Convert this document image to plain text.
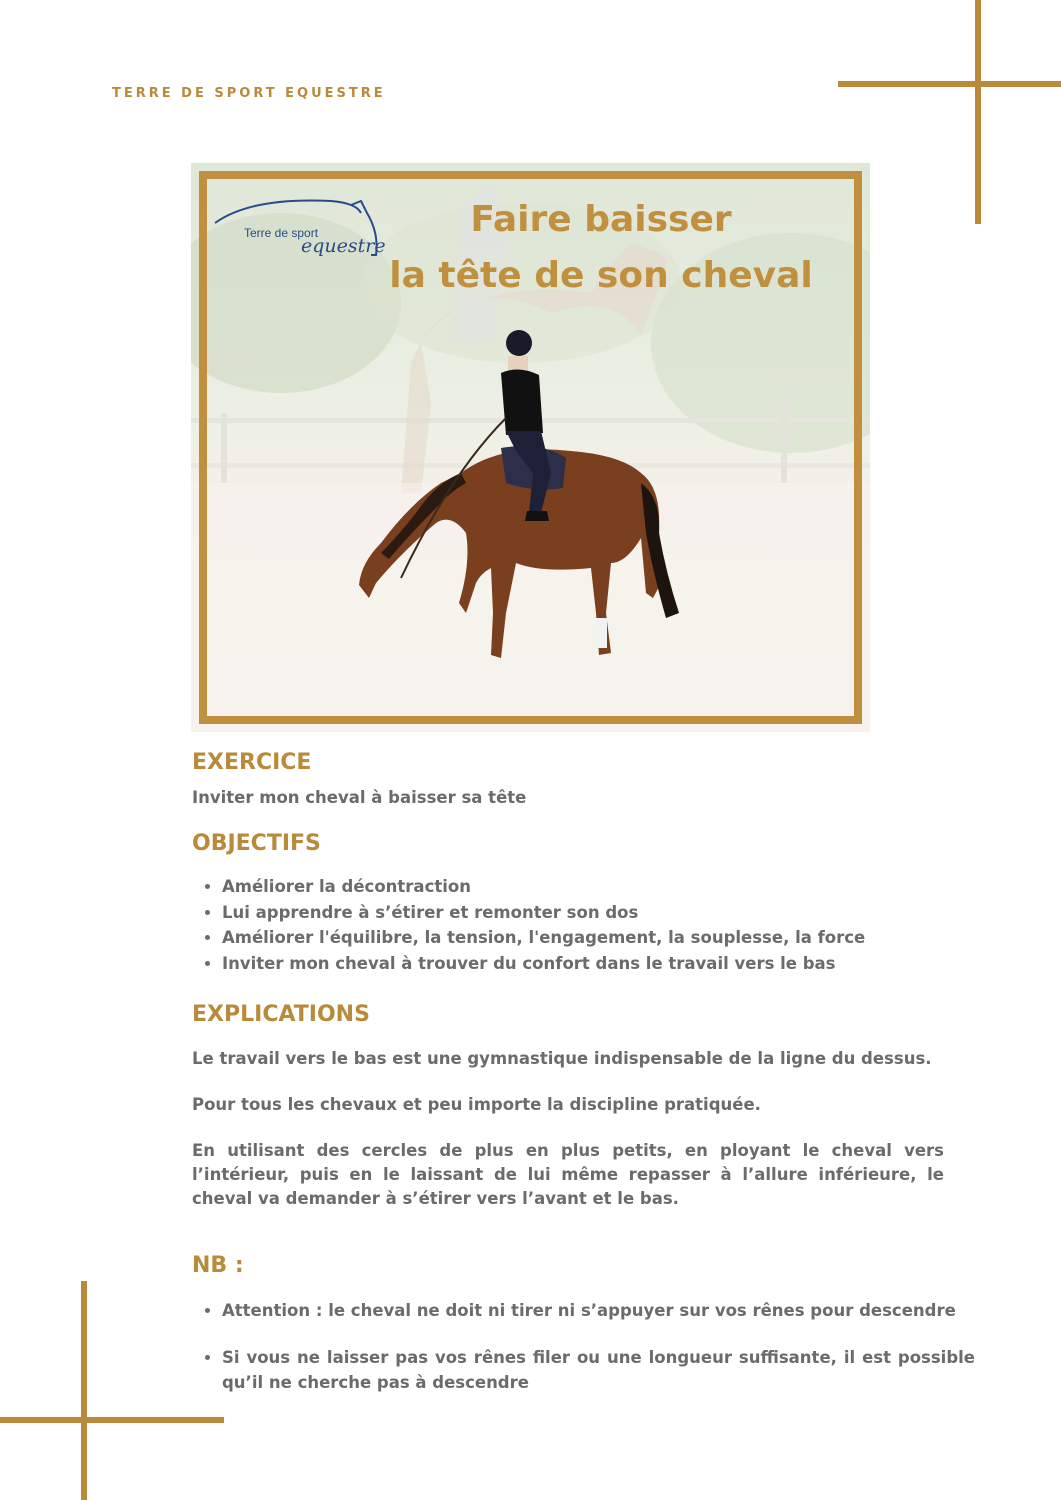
TERRE DE SPORT EQUESTRE
Terre de sport
equestre
Faire baisser
la tête de son cheval
EXERCICE

Inviter mon cheval à baisser sa tête

OBJECTIFS
• Améliorer la décontraction
• Lui apprendre à s’étirer et remonter son dos
• Améliorer l'équilibre, la tension, l'engagement, la souplesse, la force
• Inviter mon cheval à trouver du confort dans le travail vers le bas
EXPLICATIONS

Le travail vers le bas est une gymnastique indispensable de la ligne du dessus.

Pour tous les chevaux et peu importe la discipline pratiquée.

En utilisant des cercles de plus en plus petits, en ployant le cheval vers l’intérieur, puis en le laissant de lui même repasser à l’allure inférieure, le cheval va demander à s’étirer vers l’avant et le bas.

NB :
• Attention : le cheval ne doit ni tirer ni s’appuyer sur vos rênes pour descendre
• Si vous ne laisser pas vos rênes filer ou une longueur suffisante, il est possible qu’il ne cherche pas à descendre
